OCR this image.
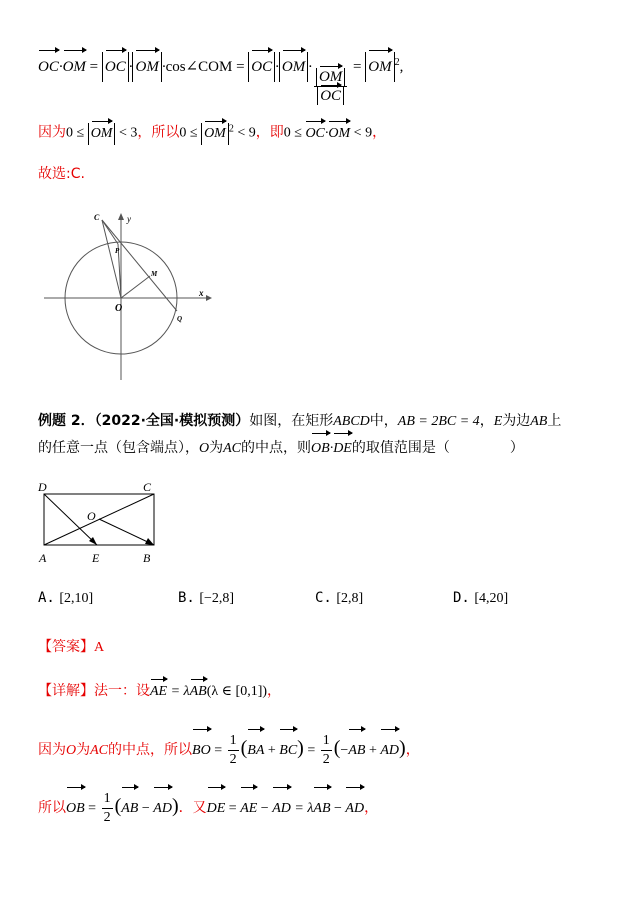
OC·OM = OC · OM ·cos∠COM = OC · OM ·
$\frac{OM}{OC}$
= OM $^2$,
因为0 ≤ OM < 3，所以0 ≤ OM $^2$ < 9，即0 ≤ OC·OM < 9，
故选:C.
C	y
P
M
O
x
Q
例题 2．（2022·全国·模拟预测）如图，在矩形ABCD中，AB = 2BC = 4，E为边AB上
的任意一点（包含端点），O为AC的中点，则OB·DE的取值范围是（	）
D	C
O
A	E	B
A. [2,10]	B. [−2,8]	C. [2,8]	D. [4,20]
【答案】A
【详解】法一：设AE = λAB(λ ∈ [0,1])，
因为O为AC的中点，所以BO = $\frac{1}{2} (BA + BC) = \frac{1}{2} (-AB + AD)$，
所以OB = $\frac{1}{2} (AB - AD)$．又DE = AE − AD = λAB − AD，
